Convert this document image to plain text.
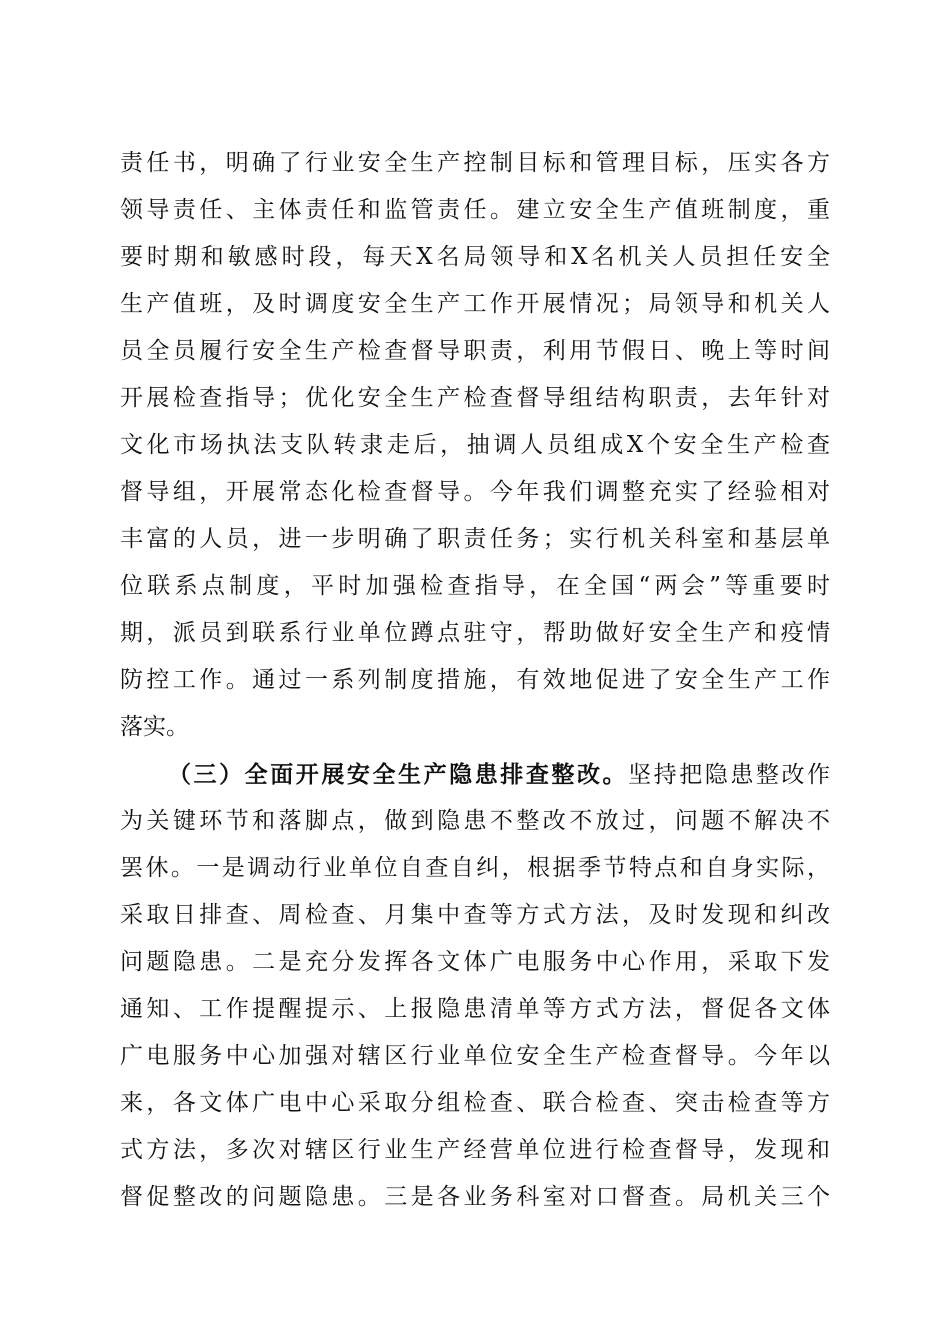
责任书，明确了行业安全生产控制目标和管理目标，压实各方
领导责任、主体责任和监管责任。建立安全生产值班制度，重
要时期和敏感时段，每天X名局领导和X名机关人员担任安全
生产值班，及时调度安全生产工作开展情况；局领导和机关人
员全员履行安全生产检查督导职责，利用节假日、晚上等时间
开展检查指导；优化安全生产检查督导组结构职责，去年针对
文化市场执法支队转隶走后，抽调人员组成X个安全生产检查
督导组，开展常态化检查督导。今年我们调整充实了经验相对
丰富的人员，进一步明确了职责任务；实行机关科室和基层单
位联系点制度，平时加强检查指导，在全国“两会”等重要时
期，派员到联系行业单位蹲点驻守，帮助做好安全生产和疫情
防控工作。通过一系列制度措施，有效地促进了安全生产工作
落实。
（三）全面开展安全生产隐患排查整改。坚持把隐患整改作
为关键环节和落脚点，做到隐患不整改不放过，问题不解决不
罢休。一是调动行业单位自查自纠，根据季节特点和自身实际，
采取日排查、周检查、月集中查等方式方法，及时发现和纠改
问题隐患。二是充分发挥各文体广电服务中心作用，采取下发
通知、工作提醒提示、上报隐患清单等方式方法，督促各文体
广电服务中心加强对辖区行业单位安全生产检查督导。今年以
来，各文体广电中心采取分组检查、联合检查、突击检查等方
式方法，多次对辖区行业生产经营单位进行检查督导，发现和
督促整改的问题隐患。三是各业务科室对口督查。局机关三个
